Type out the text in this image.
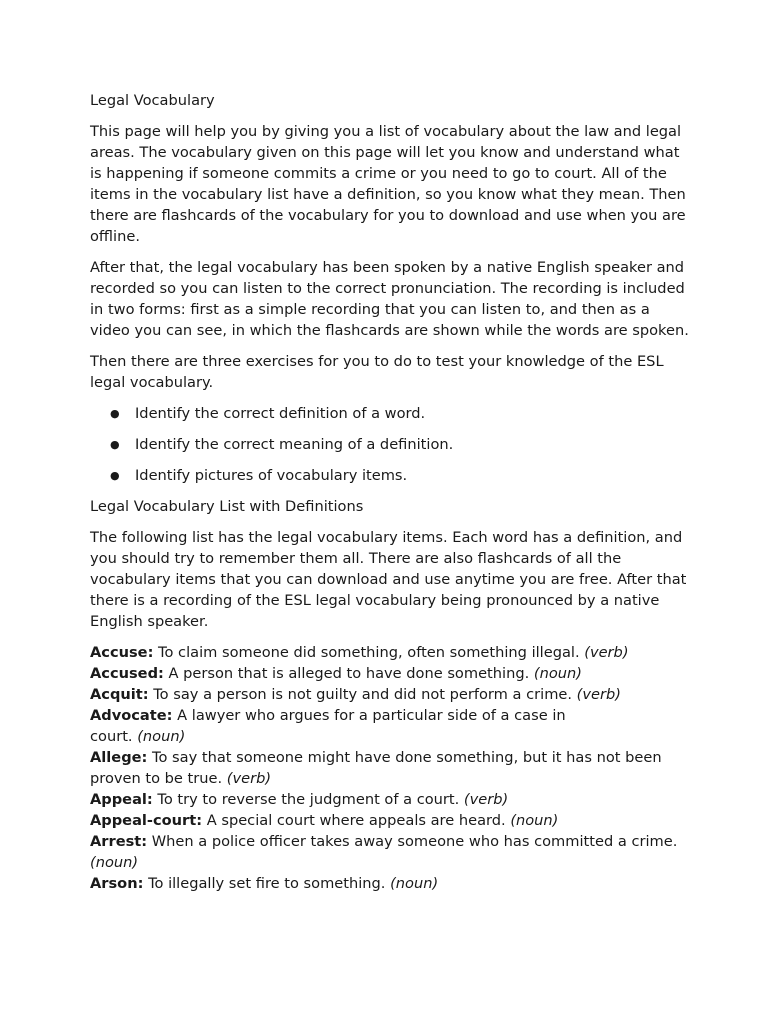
Legal Vocabulary

This page will help you by giving you a list of vocabulary about the law and legal areas. The vocabulary given on this page will let you know and understand what is happening if someone commits a crime or you need to go to court. All of the items in the vocabulary list have a definition, so you know what they mean. Then there are flashcards of the vocabulary for you to download and use when you are offline.

After that, the legal vocabulary has been spoken by a native English speaker and recorded so you can listen to the correct pronunciation. The recording is included in two forms: first as a simple recording that you can listen to, and then as a video you can see, in which the flashcards are shown while the words are spoken.

Then there are three exercises for you to do to test your knowledge of the ESL legal vocabulary.

● Identify the correct definition of a word.
● Identify the correct meaning of a definition.
● Identify pictures of vocabulary items.

Legal Vocabulary List with Definitions

The following list has the legal vocabulary items. Each word has a definition, and you should try to remember them all. There are also flashcards of all the vocabulary items that you can download and use anytime you are free. After that there is a recording of the ESL legal vocabulary being pronounced by a native English speaker.

Accuse: To claim someone did something, often something illegal. (verb)

Accused: A person that is alleged to have done something. (noun)

Acquit: To say a person is not guilty and did not perform a crime. (verb)

Advocate: A lawyer who argues for a particular side of a case in court. (noun)

Allege: To say that someone might have done something, but it has not been proven to be true. (verb)

Appeal: To try to reverse the judgment of a court. (verb)

Appeal-court: A special court where appeals are heard. (noun)

Arrest: When a police officer takes away someone who has committed a crime. (noun)

Arson: To illegally set fire to something. (noun)
